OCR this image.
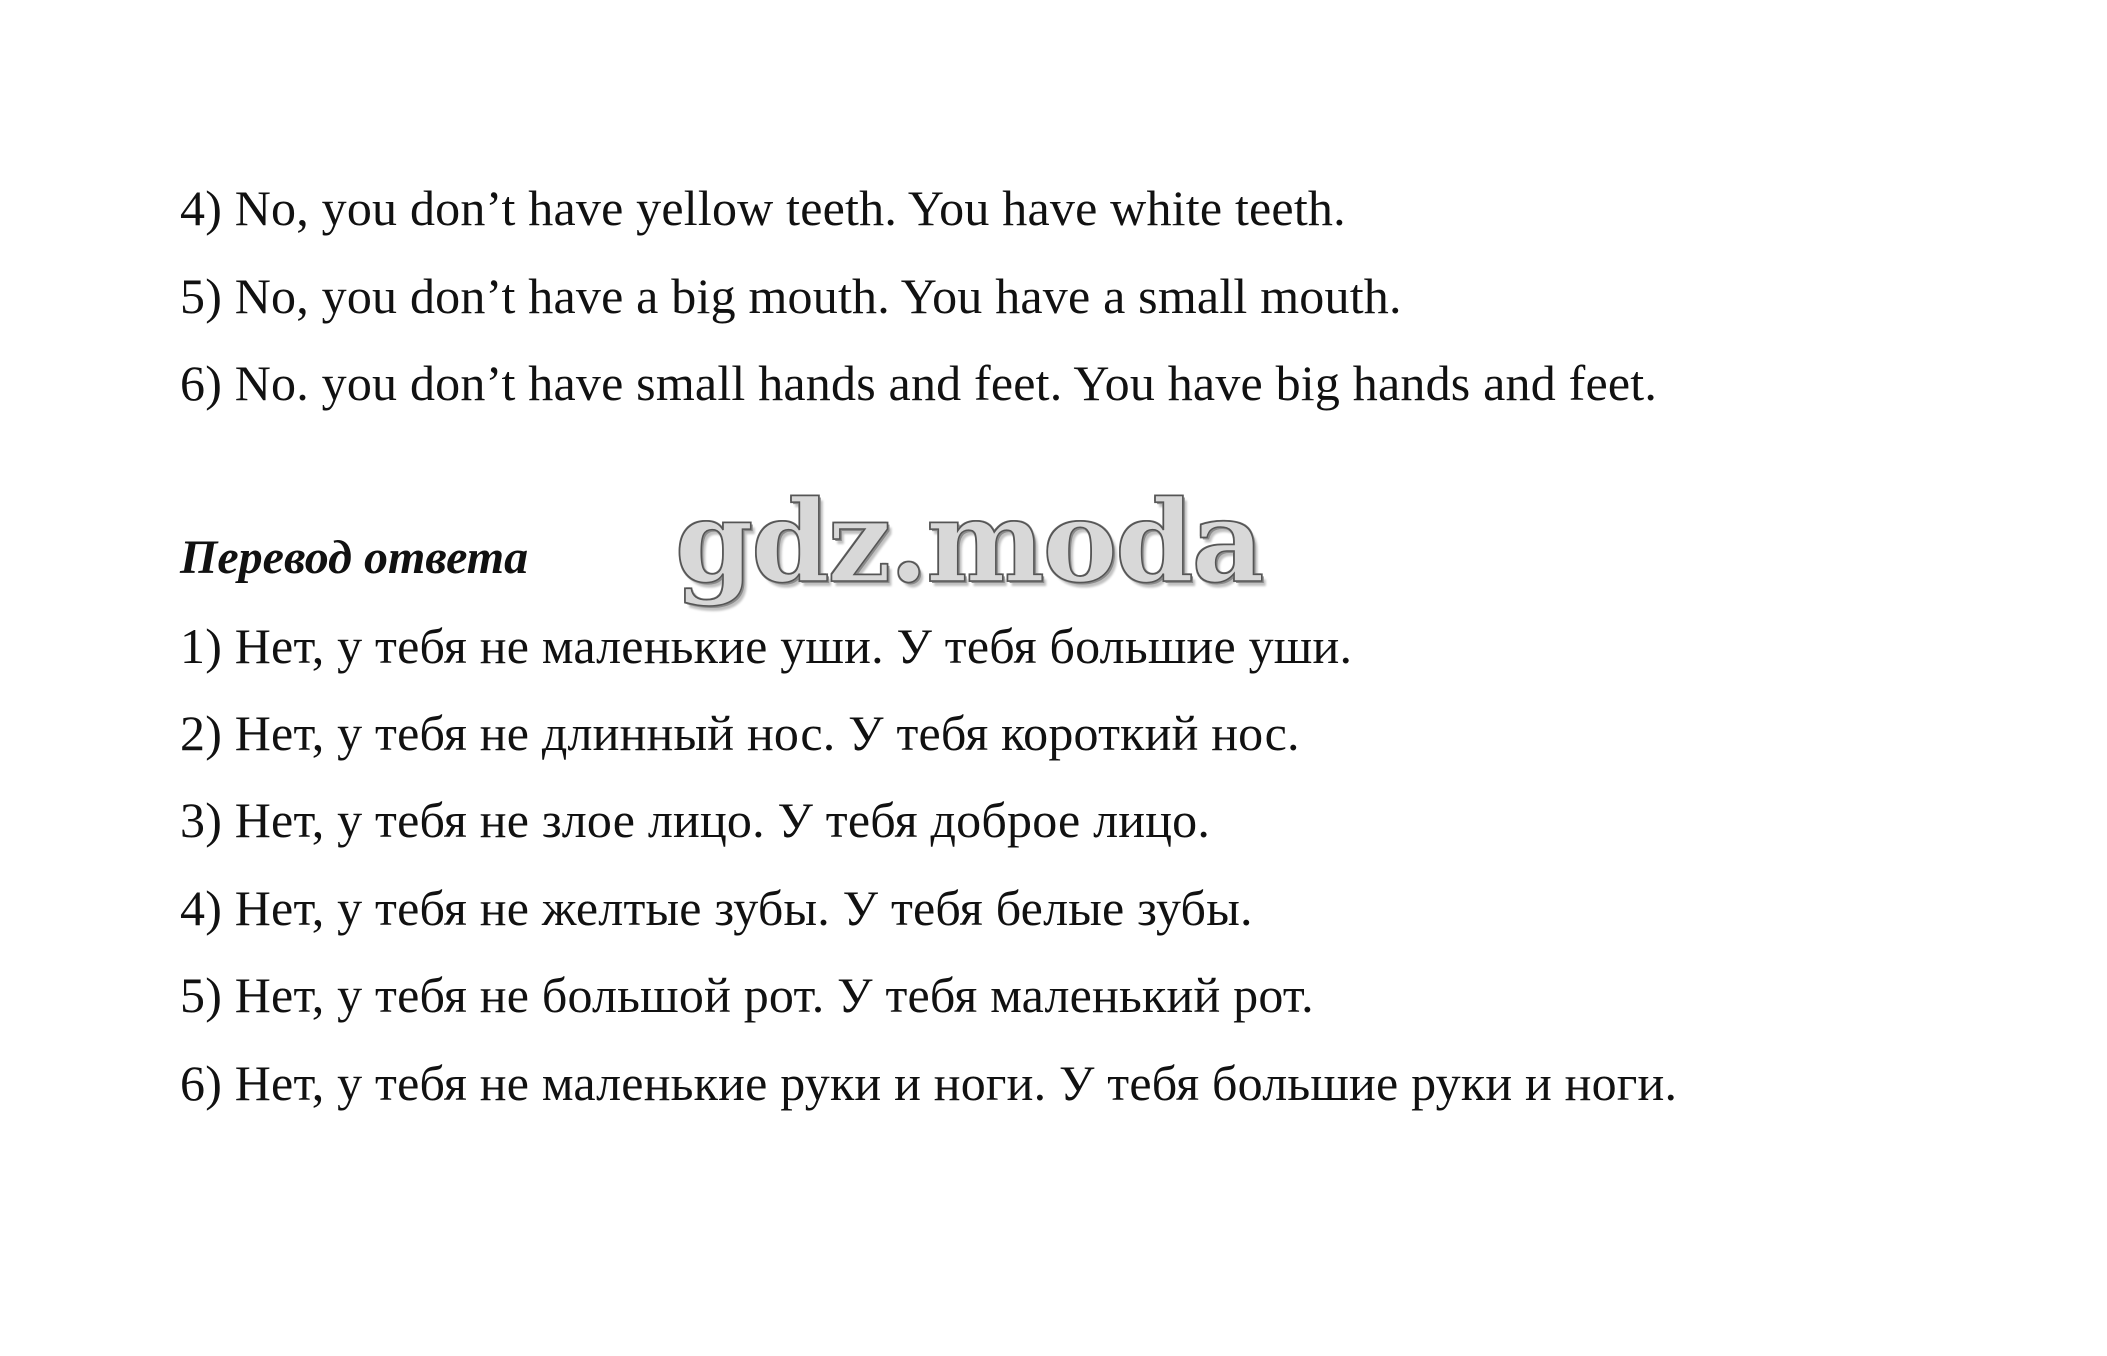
4) No, you don’t have yellow teeth. You have white teeth.
5) No, you don’t have a big mouth. You have a small mouth.
6) No. you don’t have small hands and feet. You have big hands and feet.
Перевод ответа gdz.moda
1) Нет, у тебя не маленькие уши. У тебя большие уши.
2) Нет, у тебя не длинный нос. У тебя короткий нос.
3) Нет, у тебя не злое лицо. У тебя доброе лицо.
4) Нет, у тебя не желтые зубы. У тебя белые зубы.
5) Нет, у тебя не большой рот. У тебя маленький рот.
6) Нет, у тебя не маленькие руки и ноги. У тебя большие руки и ноги.
